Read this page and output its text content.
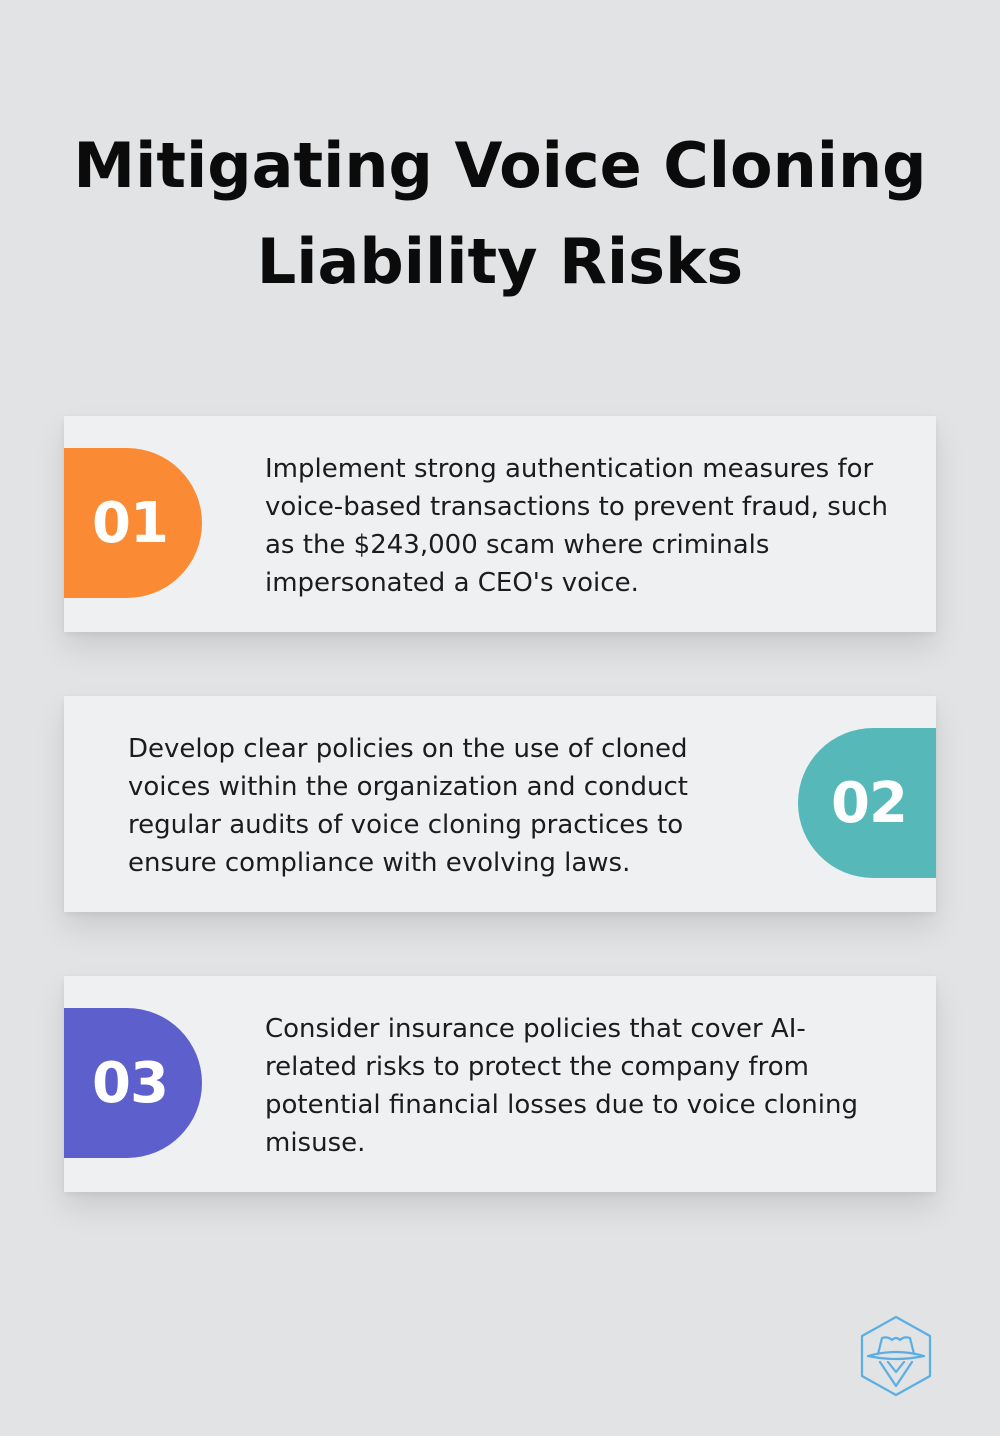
Mitigating Voice Cloning Liability Risks
01

Implement strong authentication measures for voice-based transactions to prevent fraud, such as the $243,000 scam where criminals impersonated a CEO's voice.

Develop clear policies on the use of cloned voices within the organization and conduct regular audits of voice cloning practices to ensure compliance with evolving laws.

02
03

Consider insurance policies that cover AI-related risks to protect the company from potential financial losses due to voice cloning misuse.
